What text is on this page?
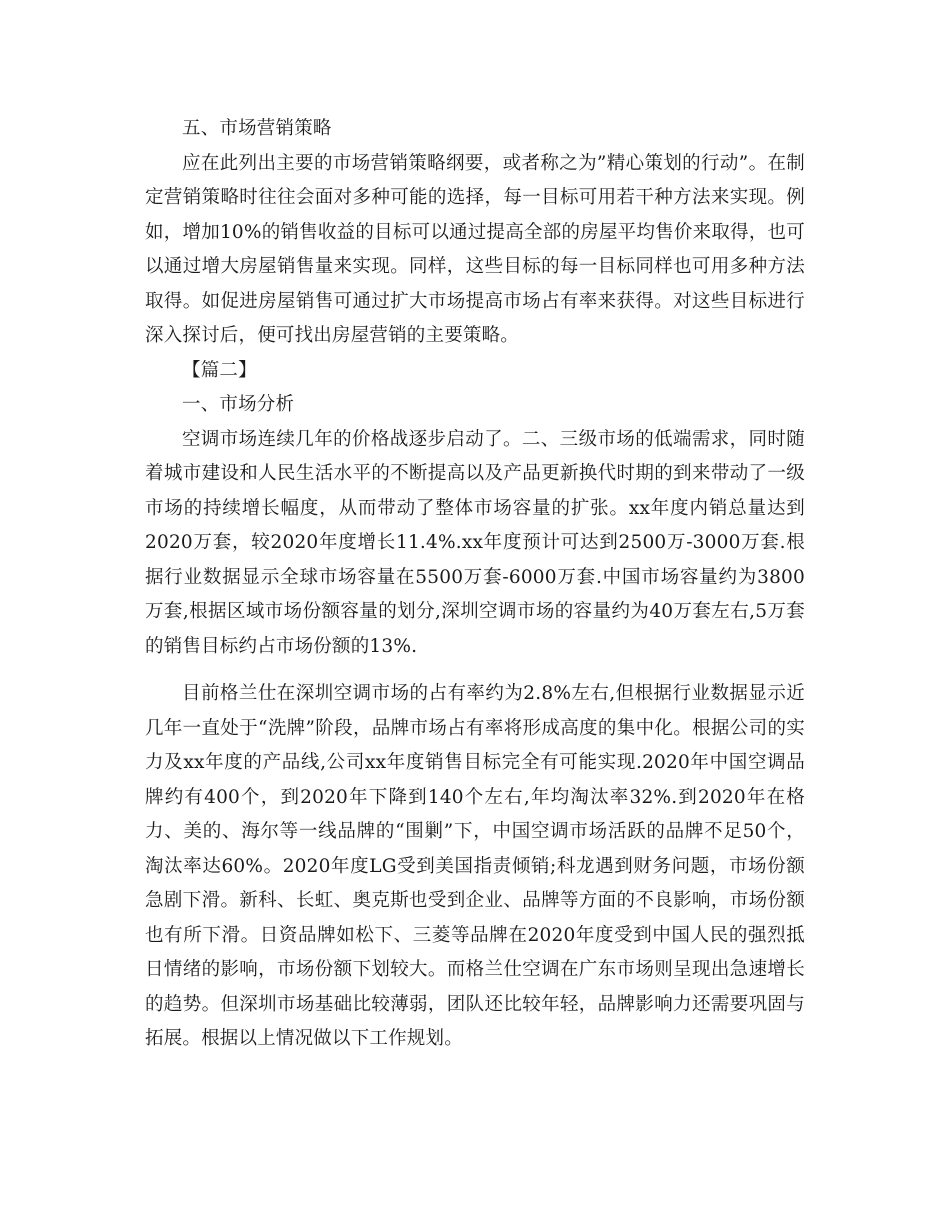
五、市场营销策略

应在此列出主要的市场营销策略纲要，或者称之为”精心策划的行动”。在制定营销策略时往往会面对多种可能的选择，每一目标可用若干种方法来实现。例如，增加10%的销售收益的目标可以通过提高全部的房屋平均售价来取得，也可以通过增大房屋销售量来实现。同样，这些目标的每一目标同样也可用多种方法取得。如促进房屋销售可通过扩大市场提高市场占有率来获得。对这些目标进行深入探讨后，便可找出房屋营销的主要策略。

【篇二】

一、市场分析

空调市场连续几年的价格战逐步启动了。二、三级市场的低端需求，同时随着城市建设和人民生活水平的不断提高以及产品更新换代时期的到来带动了一级市场的持续增长幅度，从而带动了整体市场容量的扩张。xx年度内销总量达到2020万套，较2020年度增长11.4%.xx年度预计可达到2500万-3000万套.根据行业数据显示全球市场容量在5500万套-6000万套.中国市场容量约为3800万套,根据区域市场份额容量的划分,深圳空调市场的容量约为40万套左右,5万套的销售目标约占市场份额的13%.

目前格兰仕在深圳空调市场的占有率约为2.8%左右,但根据行业数据显示近几年一直处于“洗牌”阶段，品牌市场占有率将形成高度的集中化。根据公司的实力及xx年度的产品线,公司xx年度销售目标完全有可能实现.2020年中国空调品牌约有400个，到2020年下降到140个左右,年均淘汰率32%.到2020年在格力、美的、海尔等一线品牌的“围剿”下，中国空调市场活跃的品牌不足50个，淘汰率达60%。2020年度LG受到美国指责倾销;科龙遇到财务问题，市场份额急剧下滑。新科、长虹、奥克斯也受到企业、品牌等方面的不良影响，市场份额也有所下滑。日资品牌如松下、三菱等品牌在2020年度受到中国人民的强烈抵日情绪的影响，市场份额下划较大。而格兰仕空调在广东市场则呈现出急速增长的趋势。但深圳市场基础比较薄弱，团队还比较年轻，品牌影响力还需要巩固与拓展。根据以上情况做以下工作规划。
